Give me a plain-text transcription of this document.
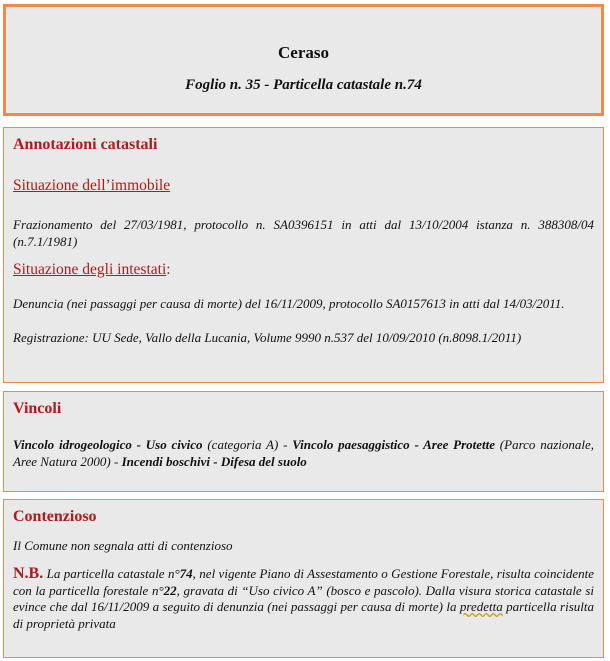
Ceraso
Foglio n. 35 - Particella catastale n.74
Annotazioni catastali
Situazione dell’immobile
Frazionamento del 27/03/1981, protocollo n. SA0396151 in atti dal 13/10/2004 istanza n. 388308/04 (n.7.1/1981)
Situazione degli intestati:
Denuncia (nei passaggi per causa di morte) del 16/11/2009, protocollo SA0157613 in atti dal 14/03/2011.
Registrazione: UU Sede, Vallo della Lucania, Volume 9990 n.537 del 10/09/2010 (n.8098.1/2011)
Vincoli
Vincolo idrogeologico - Uso civico (categoria A) - Vincolo paesaggistico - Aree Protette (Parco nazionale, Aree Natura 2000) - Incendi boschivi - Difesa del suolo
Contenzioso
Il Comune non segnala atti di contenzioso
N.B. La particella catastale n°74, nel vigente Piano di Assestamento o Gestione Forestale, risulta coincidente con la particella forestale n°22, gravata di “Uso civico A” (bosco e pascolo). Dalla visura storica catastale si evince che dal 16/11/2009 a seguito di denunzia (nei passaggi per causa di morte) la predetta particella risulta di proprietà privata
